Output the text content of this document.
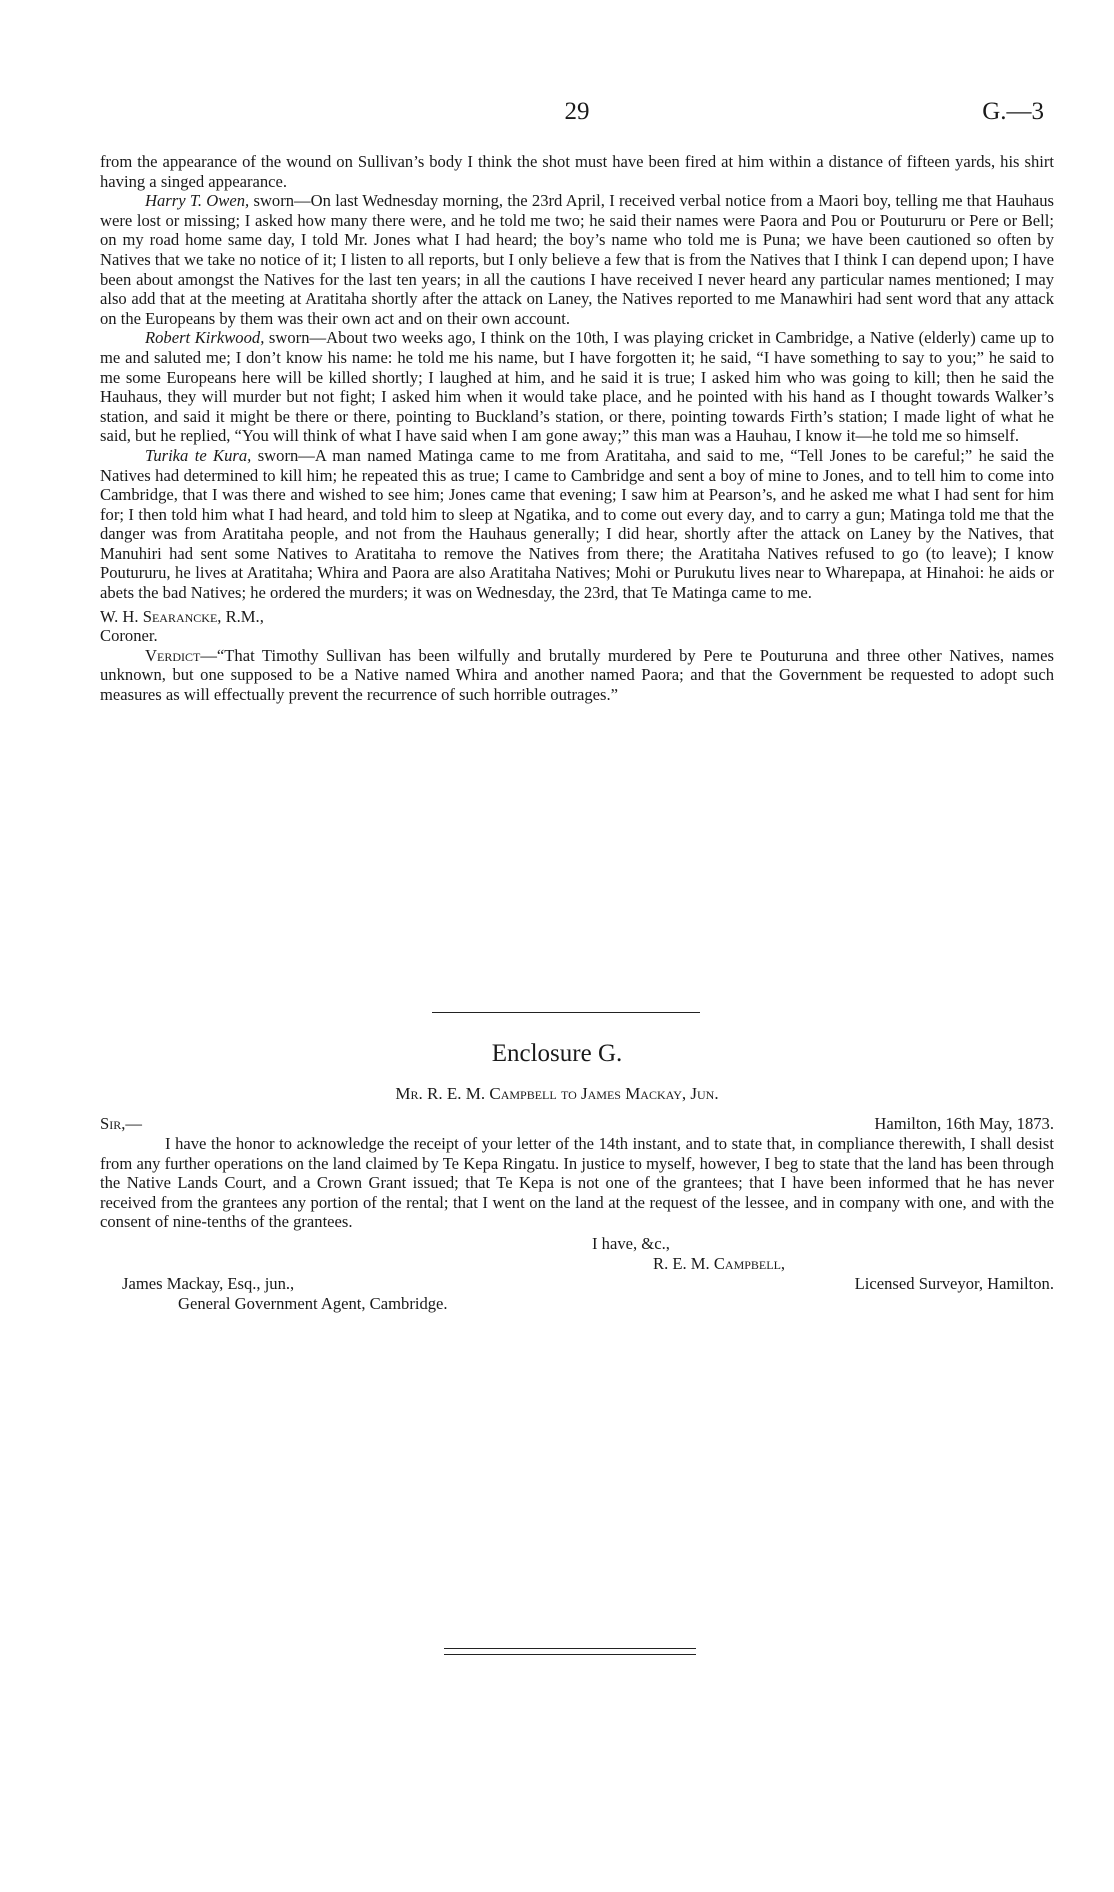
29	G.—3

from the appearance of the wound on Sullivan’s body I think the shot must have been fired at him within a distance of fifteen yards, his shirt having a singed appearance.

Harry T. Owen, sworn—On last Wednesday morning, the 23rd April, I received verbal notice from a Maori boy, telling me that Hauhaus were lost or missing; I asked how many there were, and he told me two; he said their names were Paora and Pou or Poutururu or Pere or Bell; on my road home same day, I told Mr. Jones what I had heard; the boy’s name who told me is Puna; we have been cautioned so often by Natives that we take no notice of it; I listen to all reports, but I only believe a few that is from the Natives that I think I can depend upon; I have been about amongst the Natives for the last ten years; in all the cautions I have received I never heard any particular names mentioned; I may also add that at the meeting at Aratitaha shortly after the attack on Laney, the Natives reported to me Manawhiri had sent word that any attack on the Europeans by them was their own act and on their own account.

Robert Kirkwood, sworn—About two weeks ago, I think on the 10th, I was playing cricket in Cambridge, a Native (elderly) came up to me and saluted me; I don’t know his name: he told me his name, but I have forgotten it; he said, “I have something to say to you;” he said to me some Europeans here will be killed shortly; I laughed at him, and he said it is true; I asked him who was going to kill; then he said the Hauhaus, they will murder but not fight; I asked him when it would take place, and he pointed with his hand as I thought towards Walker’s station, and said it might be there or there, pointing to Buckland’s station, or there, pointing towards Firth’s station; I made light of what he said, but he replied, “You will think of what I have said when I am gone away;” this man was a Hauhau, I know it—he told me so himself.

Turika te Kura, sworn—A man named Matinga came to me from Aratitaha, and said to me, “Tell Jones to be careful;” he said the Natives had determined to kill him; he repeated this as true; I came to Cambridge and sent a boy of mine to Jones, and to tell him to come into Cambridge, that I was there and wished to see him; Jones came that evening; I saw him at Pearson’s, and he asked me what I had sent for him for; I then told him what I had heard, and told him to sleep at Ngatika, and to come out every day, and to carry a gun; Matinga told me that the danger was from Aratitaha people, and not from the Hauhaus generally; I did hear, shortly after the attack on Laney by the Natives, that Manuhiri had sent some Natives to Aratitaha to remove the Natives from there; the Aratitaha Natives refused to go (to leave); I know Poutururu, he lives at Aratitaha; Whira and Paora are also Aratitaha Natives; Mohi or Purukutu lives near to Wharepapa, at Hinahoi: he aids or abets the bad Natives; he ordered the murders; it was on Wednesday, the 23rd, that Te Matinga came to me.

W. H. Searancke, R.M.,

Coroner.

Verdict—“That Timothy Sullivan has been wilfully and brutally murdered by Pere te Pouturuna and three other Natives, names unknown, but one supposed to be a Native named Whira and another named Paora; and that the Government be requested to adopt such measures as will effectually prevent the recurrence of such horrible outrages.”

Enclosure G.
Mr. R. E. M. Campbell to James Mackay, Jun.
Sir,—	Hamilton, 16th May, 1873.

I have the honor to acknowledge the receipt of your letter of the 14th instant, and to state that, in compliance therewith, I shall desist from any further operations on the land claimed by Te Kepa Ringatu. In justice to myself, however, I beg to state that the land has been through the Native Lands Court, and a Crown Grant issued; that Te Kepa is not one of the grantees; that I have been informed that he has never received from the grantees any portion of the rental; that I went on the land at the request of the lessee, and in company with one, and with the consent of nine-tenths of the grantees.

I have, &c.,
R. E. M. Campbell,
James Mackay, Esq., jun.,	Licensed Surveyor, Hamilton.
General Government Agent, Cambridge.
